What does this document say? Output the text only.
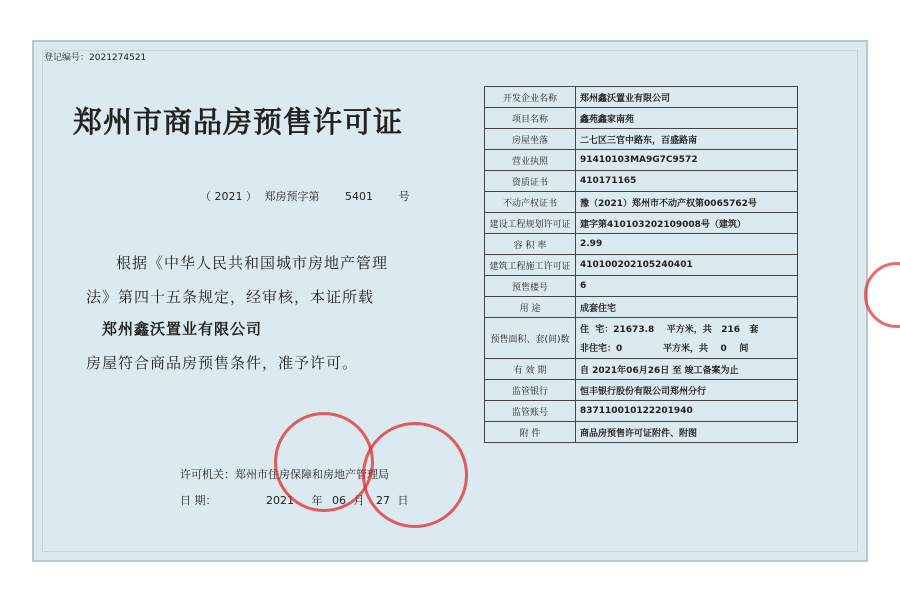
登记编号：2021274521
郑州市商品房预售许可证
（ 2021 ） 郑房预字第 5401 号
根据《中华人民共和国城市房地产管理
法》第四十五条规定，经审核，本证所载
郑州鑫沃置业有限公司
房屋符合商品房预售条件，准予许可。
许可机关：郑州市住房保障和房地产管理局
日 期：	2021 年 06 月 27 日
开发企业名称	郑州鑫沃置业有限公司
项目名称	鑫苑鑫家南苑
房屋坐落	二七区三官中路东，百盛路南
营业执照	91410103MA9G7C9572
资质证书	410171165
不动产权证书	豫（2021）郑州市不动产权第0065762号
建设工程规划许可证	建字第410103202109008号（建筑）
容 积 率	2.99
建筑工程施工许可证	410100202105240401
预售楼号	6
用 途	成套住宅
预售面积、套(间)数	住  宅：21673.8    平方米，共   216   套
非住宅：0             平方米，共    0    间

有 效 期	自 2021年06月26日 至 竣工备案为止
监管银行	恒丰银行股份有限公司郑州分行
监管账号	837110010122201940
附 件	商品房预售许可证附件、附图
